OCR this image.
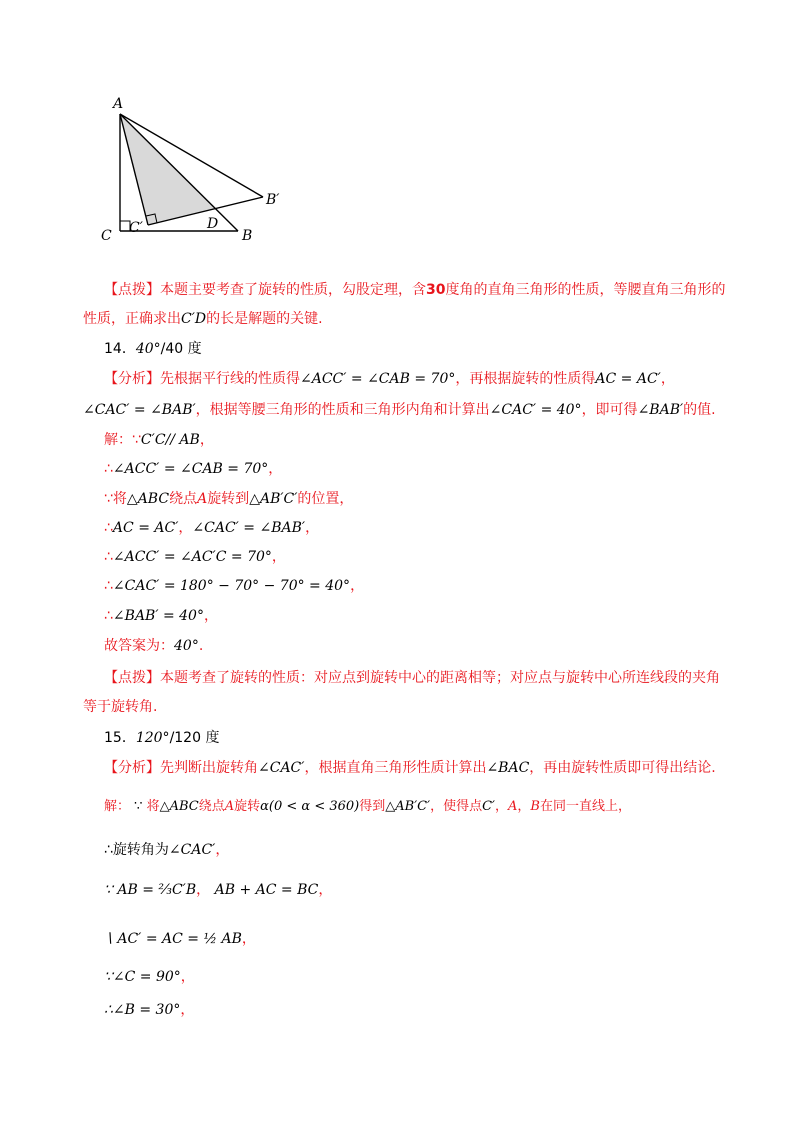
A
C C′	D
B
B′
【点拨】本题主要考查了旋转的性质，勾股定理，含30度角的直角三角形的性质，等腰直角三角形的
性质，正确求出C′D的长是解题的关键.
14．40°/40 度
【分析】先根据平行线的性质得∠ACC′ = ∠CAB = 70°，再根据旋转的性质得AC = AC′，
∠CAC′ = ∠BAB′，根据等腰三角形的性质和三角形内角和计算出∠CAC′ = 40°，即可得∠BAB′的值.
解：∵C′C// AB，
∴∠ACC′ = ∠CAB = 70°，
∵将△ABC绕点A旋转到△AB′C′的位置，
∴AC = AC′，∠CAC′ = ∠BAB′，
∴∠ACC′ = ∠AC′C = 70°，
∴∠CAC′ = 180° − 70° − 70° = 40°，
∴∠BAB′ = 40°，
故答案为：40°.
【点拨】本题考查了旋转的性质：对应点到旋转中心的距离相等；对应点与旋转中心所连线段的夹角
等于旋转角.
15．120°/120 度
【分析】先判断出旋转角∠CAC′，根据直角三角形性质计算出∠BAC，再由旋转性质即可得出结论.
解： ∵ 将△ABC绕点A旋转α(0 < α < 360)得到△AB′C′，使得点C′，A，B在同一直线上，
∴旋转角为∠CAC′，
∵ AB = ⅔C′B， AB + AC = BC，
∖ AC′ = AC = ½ AB，
∵∠C = 90°，
∴∠B = 30°，
